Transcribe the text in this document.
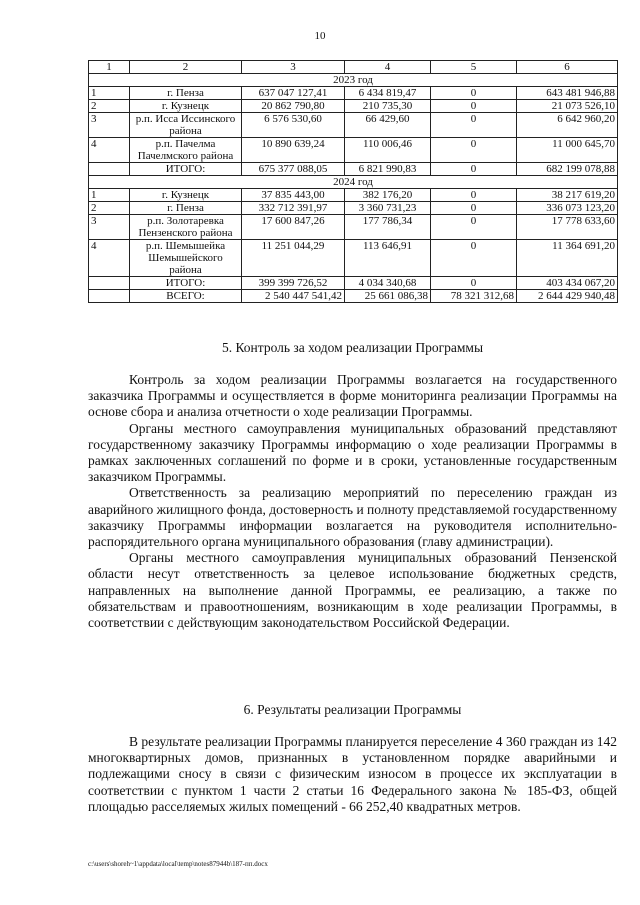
10
1	2	3	4	5	6
2023 год					
1	г. Пенза	637 047 127,41	6 434 819,47	0	643 481 946,88
2	г. Кузнецк	20 862 790,80	210 735,30	0	21 073 526,10
3	р.п. Исса Иссинского района	6 576 530,60	66 429,60	0	6 642 960,20
4	р.п. Пачелма Пачелмского района	10 890 639,24	110 006,46	0	11 000 645,70
	ИТОГО:	675 377 088,05	6 821 990,83	0	682 199 078,88
2024 год					
1	г. Кузнецк	37 835 443,00	382 176,20	0	38 217 619,20
2	г. Пенза	332 712 391,97	3 360 731,23	0	336 073 123,20
3	р.п. Золотаревка Пензенского района	17 600 847,26	177 786,34	0	17 778 633,60
4	р.п. Шемышейка Шемышейского района	11 251 044,29	113 646,91	0	11 364 691,20
	ИТОГО:	399 399 726,52	4 034 340,68	0	403 434 067,20
	ВСЕГО:	2 540 447 541,42	25 661 086,38	78 321 312,68	2 644 429 940,48
5. Контроль за ходом реализации Программы

Контроль за ходом реализации Программы возлагается на государственного заказчика Программы и осуществляется в форме мониторинга реализации Программы на основе сбора и анализа отчетности о ходе реализации Программы.

Органы местного самоуправления муниципальных образований представляют государственному заказчику Программы информацию о ходе реализации Программы в рамках заключенных соглашений по форме и в сроки, установленные государственным заказчиком Программы.

Ответственность за реализацию мероприятий по переселению граждан из аварийного жилищного фонда, достоверность и полноту представляемой государственному заказчику Программы информации возлагается на руководителя исполнительно-распорядительного органа муниципального образования (главу администрации).

Органы местного самоуправления муниципальных образований Пензенской области несут ответственность за целевое использование бюджетных средств, направленных на выполнение данной Программы, ее реализацию, а также по обязательствам и правоотношениям, возникающим в ходе реализации Программы, в соответствии с действующим законодательством Российской Федерации.

6. Результаты реализации Программы

В результате реализации Программы планируется переселение 4 360 граждан из 142 многоквартирных домов, признанных в установленном порядке аварийными и подлежащими сносу в связи с физическим износом в процессе их эксплуатации в соответствии с пунктом 1 части 2 статьи 16 Федерального закона № 185-ФЗ, общей площадью расселяемых жилых помещений - 66 252,40 квадратных метров.

c:\users\shoreh~1\appdata\local\temp\notes87944b\187-пп.docx
